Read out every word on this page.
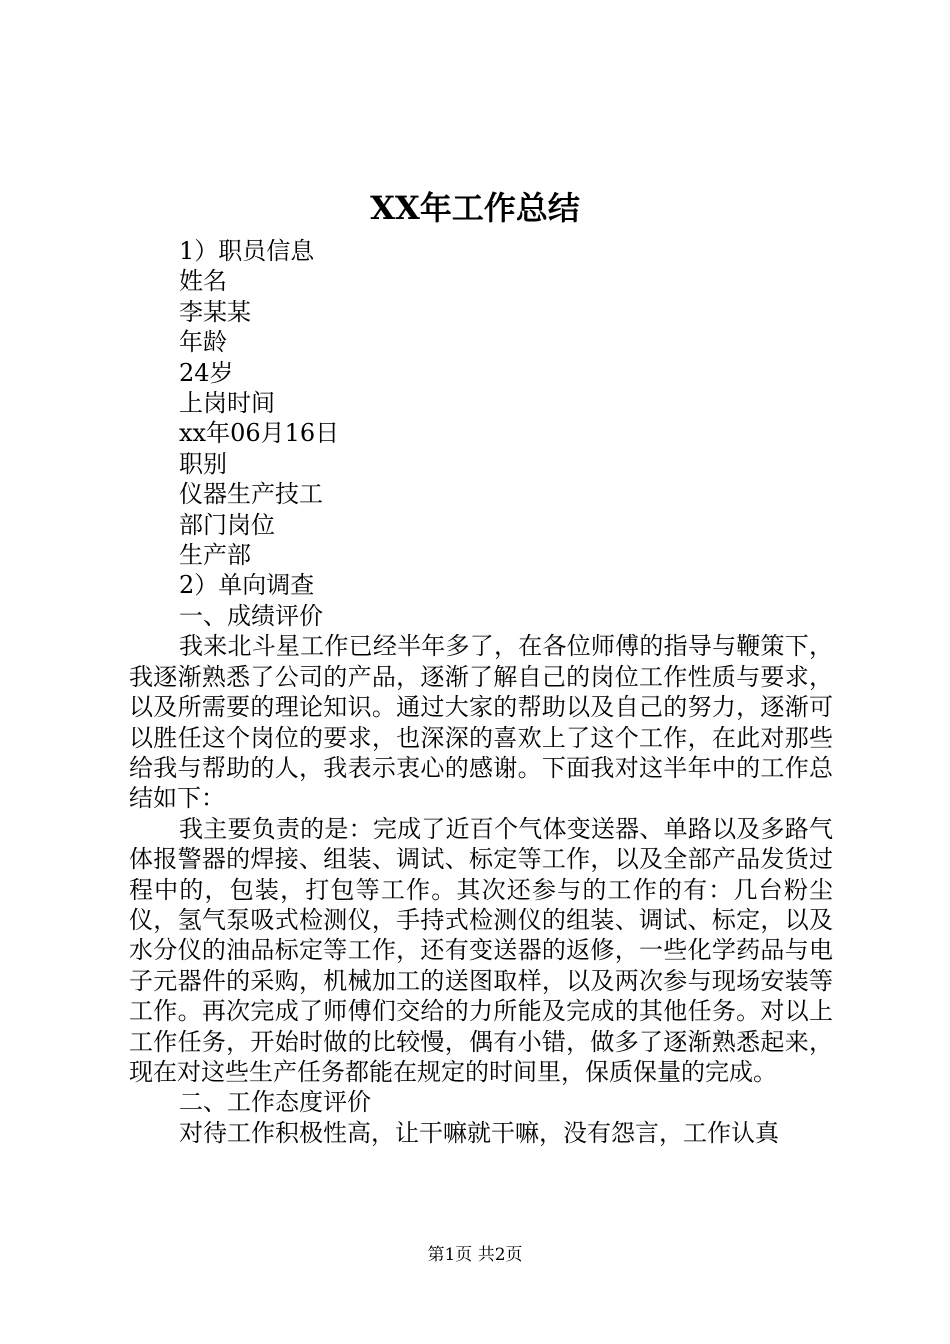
XX年工作总结
1）职员信息
姓名
李某某
年龄
24岁
上岗时间
xx年06月16日
职别
仪器生产技工
部门岗位
生产部
2）单向调查
一、成绩评价

我来北斗星工作已经半年多了，在各位师傅的指导与鞭策下，我逐渐熟悉了公司的产品，逐渐了解自己的岗位工作性质与要求，以及所需要的理论知识。通过大家的帮助以及自己的努力，逐渐可以胜任这个岗位的要求，也深深的喜欢上了这个工作，在此对那些给我与帮助的人，我表示衷心的感谢。下面我对这半年中的工作总结如下：

我主要负责的是：完成了近百个气体变送器、单路以及多路气体报警器的焊接、组装、调试、标定等工作，以及全部产品发货过程中的，包装，打包等工作。其次还参与的工作的有：几台粉尘仪，氢气泵吸式检测仪，手持式检测仪的组装、调试、标定，以及水分仪的油品标定等工作，还有变送器的返修，一些化学药品与电子元器件的采购，机械加工的送图取样，以及两次参与现场安装等工作。再次完成了师傅们交给的力所能及完成的其他任务。对以上工作任务，开始时做的比较慢，偶有小错，做多了逐渐熟悉起来，现在对这些生产任务都能在规定的时间里，保质保量的完成。

二、工作态度评价

对待工作积极性高，让干嘛就干嘛，没有怨言，工作认真

第1页 共2页
